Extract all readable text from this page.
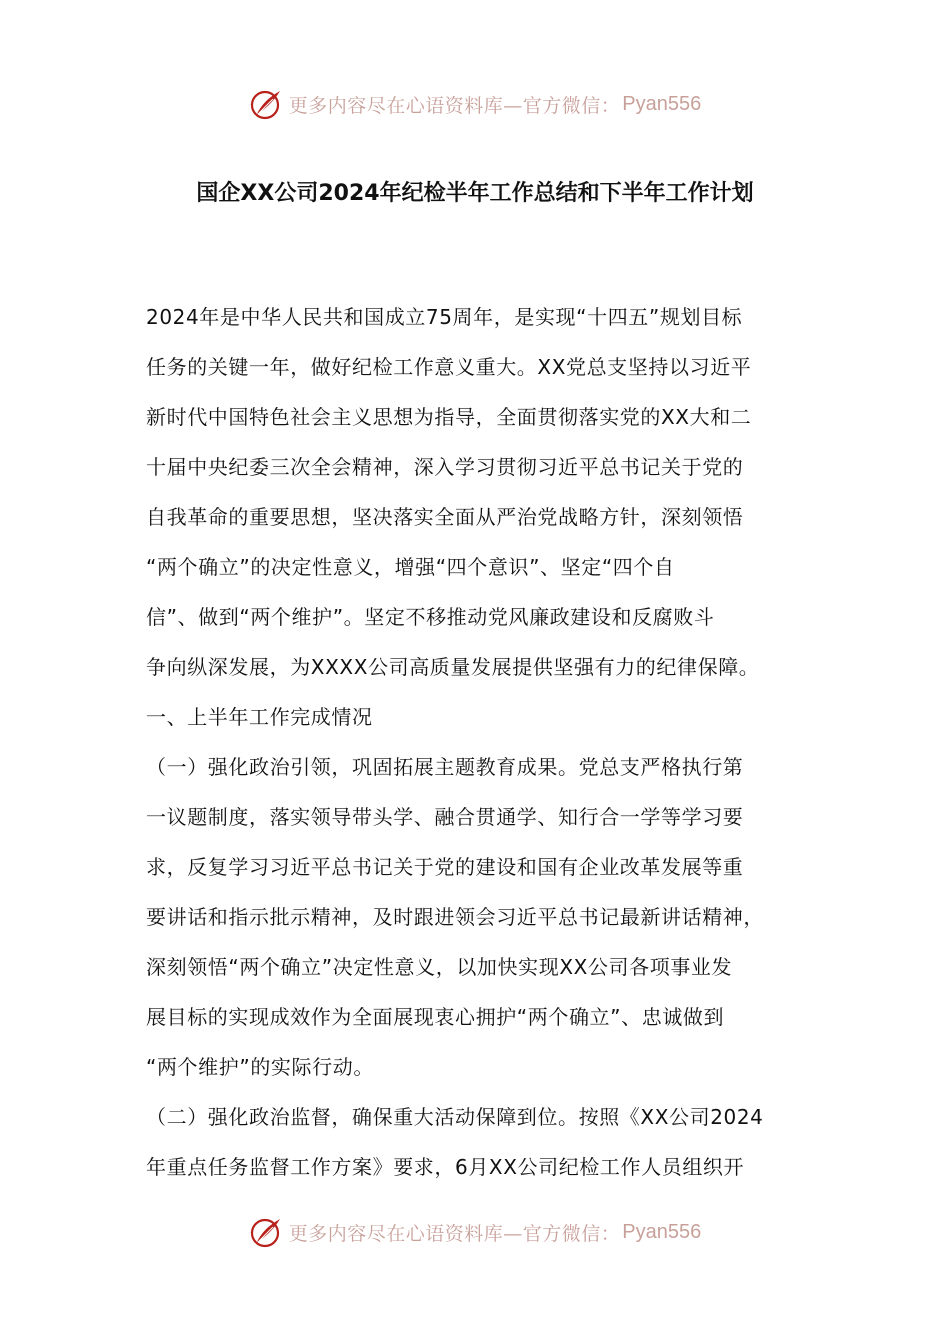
更多内容尽在心语资料库—官方微信： Pyan556
国企XX公司2024年纪检半年工作总结和下半年工作计划
2024年是中华人民共和国成立75周年，是实现“十四五”规划目标
任务的关键一年，做好纪检工作意义重大。XX党总支坚持以习近平
新时代中国特色社会主义思想为指导，全面贯彻落实党的XX大和二
十届中央纪委三次全会精神，深入学习贯彻习近平总书记关于党的
自我革命的重要思想，坚决落实全面从严治党战略方针，深刻领悟
“两个确立”的决定性意义，增强“四个意识”、坚定“四个自
信”、做到“两个维护”。坚定不移推动党风廉政建设和反腐败斗
争向纵深发展，为XXXX公司高质量发展提供坚强有力的纪律保障。
一、上半年工作完成情况
（一）强化政治引领，巩固拓展主题教育成果。党总支严格执行第
一议题制度，落实领导带头学、融合贯通学、知行合一学等学习要
求，反复学习习近平总书记关于党的建设和国有企业改革发展等重
要讲话和指示批示精神，及时跟进领会习近平总书记最新讲话精神，
深刻领悟“两个确立”决定性意义，以加快实现XX公司各项事业发
展目标的实现成效作为全面展现衷心拥护“两个确立”、忠诚做到
“两个维护”的实际行动。
（二）强化政治监督，确保重大活动保障到位。按照《XX公司2024
年重点任务监督工作方案》要求，6月XX公司纪检工作人员组织开
更多内容尽在心语资料库—官方微信： Pyan556
